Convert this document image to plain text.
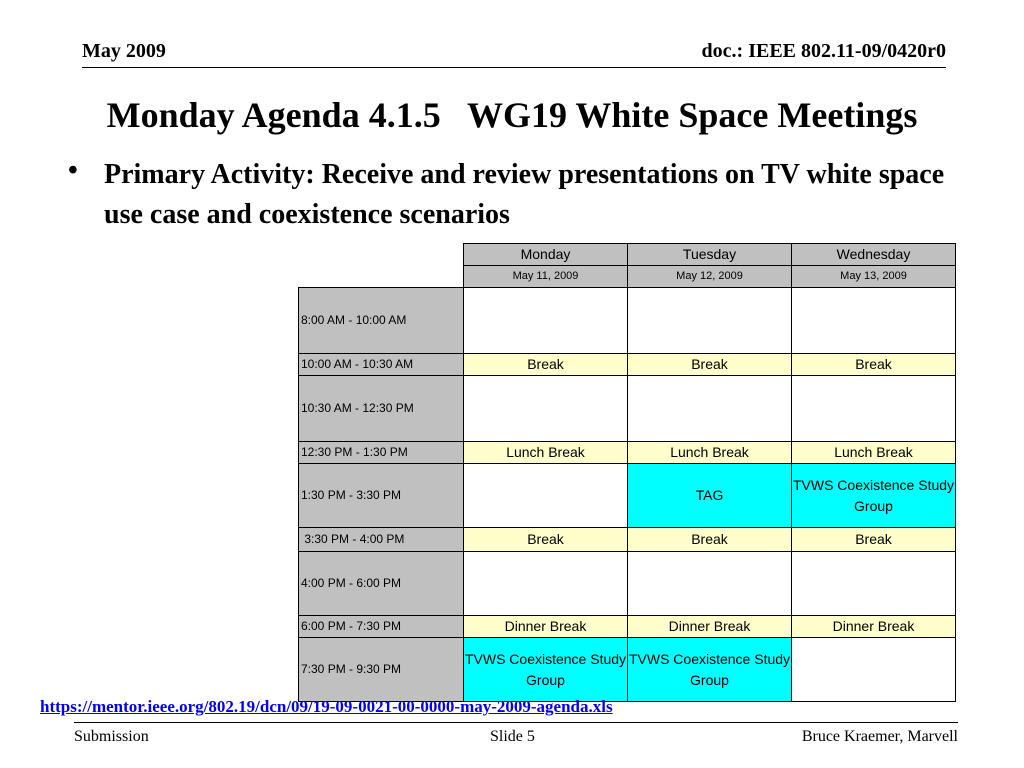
May 2009	doc.: IEEE 802.11-09/0420r0
Monday Agenda 4.1.5   WG19 White Space Meetings
• Primary Activity: Receive and review presentations on TV white space use case and coexistence scenarios
	Monday	Tuesday	Wednesday
	May 11, 2009	May 12, 2009	May 13, 2009
8:00 AM - 10:00 AM			
10:00 AM - 10:30 AM	Break	Break	Break
10:30 AM - 12:30 PM			
12:30 PM - 1:30 PM	Lunch Break	Lunch Break	Lunch Break
1:30 PM - 3:30 PM		TAG	TVWS Coexistence Study Group
3:30 PM - 4:00 PM	Break	Break	Break
4:00 PM - 6:00 PM			
6:00 PM - 7:30 PM	Dinner Break	Dinner Break	Dinner Break
7:30 PM - 9:30 PM	TVWS Coexistence Study Group	TVWS Coexistence Study Group	
https://mentor.ieee.org/802.19/dcn/09/19-09-0021-00-0000-may-2009-agenda.xls
Submission	Slide 5	Bruce Kraemer, Marvell
